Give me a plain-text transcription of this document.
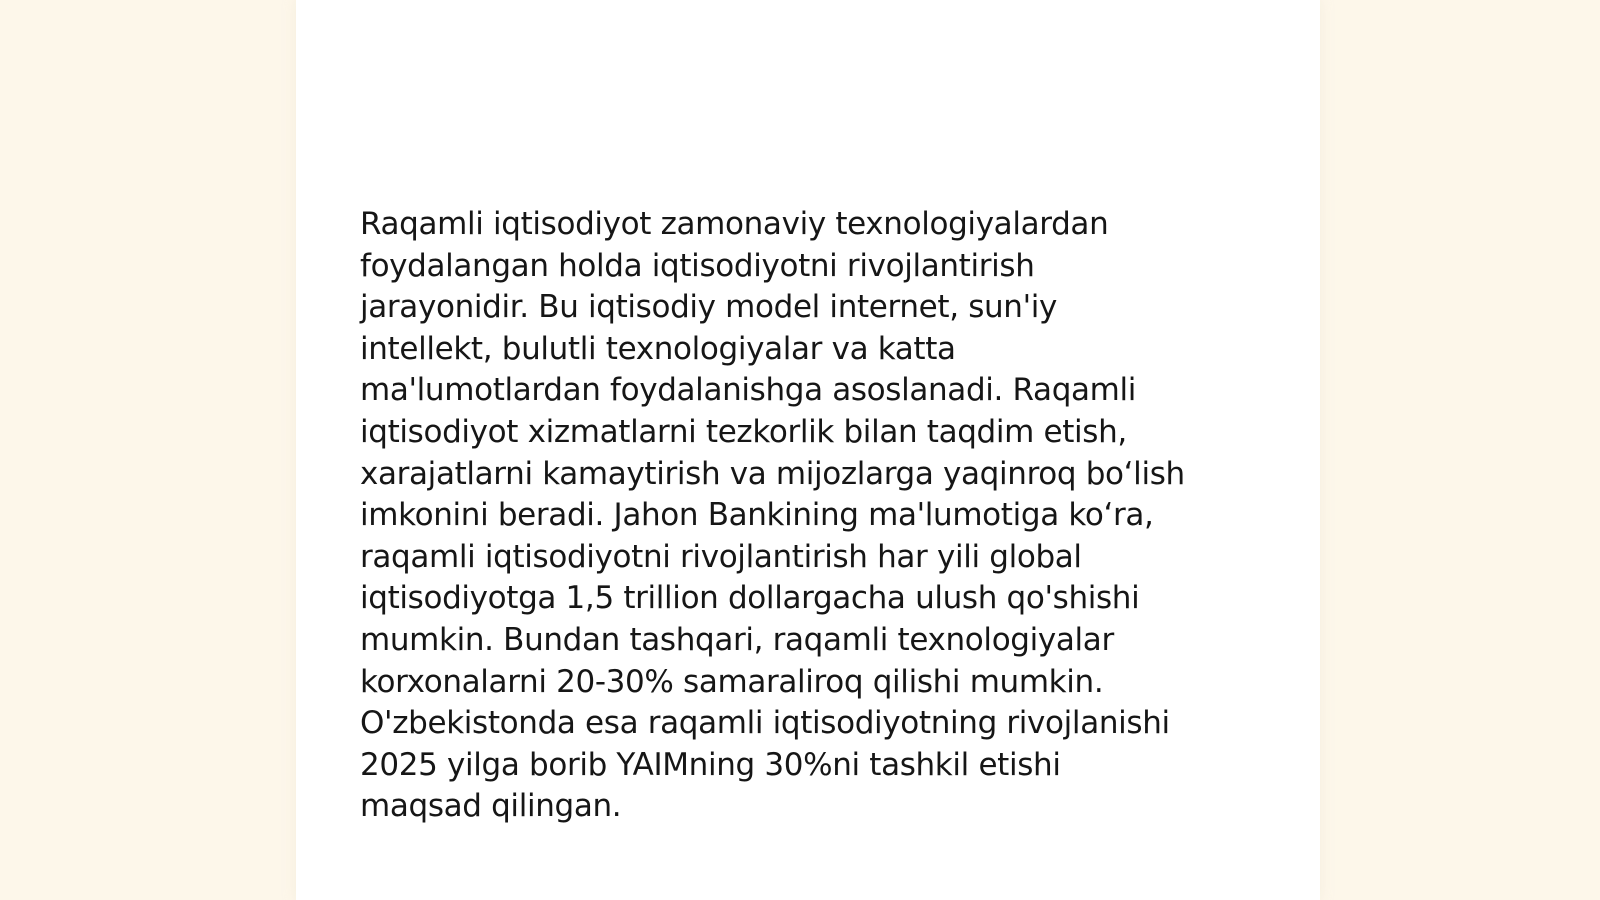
Raqamli iqtisodiyot zamonaviy texnologiyalardan
foydalangan holda iqtisodiyotni rivojlantirish
jarayonidir. Bu iqtisodiy model internet, sun'iy
intellekt, bulutli texnologiyalar va katta
ma'lumotlardan foydalanishga asoslanadi. Raqamli
iqtisodiyot xizmatlarni tezkorlik bilan taqdim etish,
xarajatlarni kamaytirish va mijozlarga yaqinroq bo‘lish
imkonini beradi. Jahon Bankining ma'lumotiga ko‘ra,
raqamli iqtisodiyotni rivojlantirish har yili global
iqtisodiyotga 1,5 trillion dollargacha ulush qo'shishi
mumkin. Bundan tashqari, raqamli texnologiyalar
korxonalarni 20-30% samaraliroq qilishi mumkin.
O'zbekistonda esa raqamli iqtisodiyotning rivojlanishi
2025 yilga borib YAIMning 30%ni tashkil etishi
maqsad qilingan.
